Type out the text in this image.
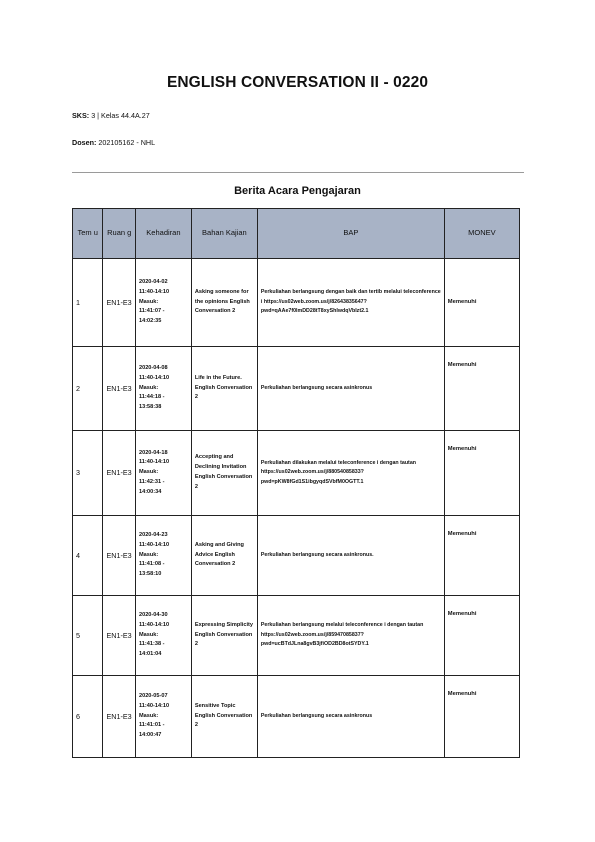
ENGLISH CONVERSATION II - 0220
SKS: 3 | Kelas 44.4A.27
Dosen: 202105162 - NHL
Berita Acara Pengajaran
Tem u	Ruan g	Kehadiran	Bahan Kajian	BAP	MONEV
1	EN1-E3	2020-04-02
11:40-14:10
Masuk:
11:41:07 - 14:02:35	Asking someone for the opinions English Conversation 2	Perkuliahan berlangsung dengan baik dan tertib melalui teleconference i https://us02web.zoom.us/j/82643835647?pwd=qAAe7f0lmDD28tT8xyShIwdqVbIzt2.1	Memenuhi
2	EN1-E3	2020-04-08
11:40-14:10
Masuk:
11:44:18 - 13:58:38	Life in the Future. English Conversation 2	Perkuliahan berlangsung secara asinkronus	Memenuhi
3	EN1-E3	2020-04-18
11:40-14:10
Masuk:
11:42:31 - 14:00:34	Accepting and Declining Invitation English Conversation 2	Perkuliahan dilakukan melalui teleconference i dengan tautan https://us02web.zoom.us/j/88054085833?pwd=pKW8fGd1S1ibgyqdSVbfM0OGTT.1	Memenuhi
4	EN1-E3	2020-04-23
11:40-14:10
Masuk:
11:41:08 - 13:58:10	Asking and Giving Advice English Conversation 2	Perkuliahan berlangsung secara asinkronus.	Memenuhi
5	EN1-E3	2020-04-30
11:40-14:10
Masuk:
11:41:38 - 14:01:04	Expressing Simplicity English Conversation 2	Perkuliahan berlangsung melalui teleconference i dengan tautan https://us02web.zoom.us/j/85947085837?pwd=ucBTdJLna8gvB3jfiOD2BD8otSYDY.1	Memenuhi
6	EN1-E3	2020-05-07
11:40-14:10
Masuk:
11:41:01 - 14:00:47	Sensitive Topic English Conversation 2	Perkuliahan berlangsung secara asinkronus	Memenuhi
